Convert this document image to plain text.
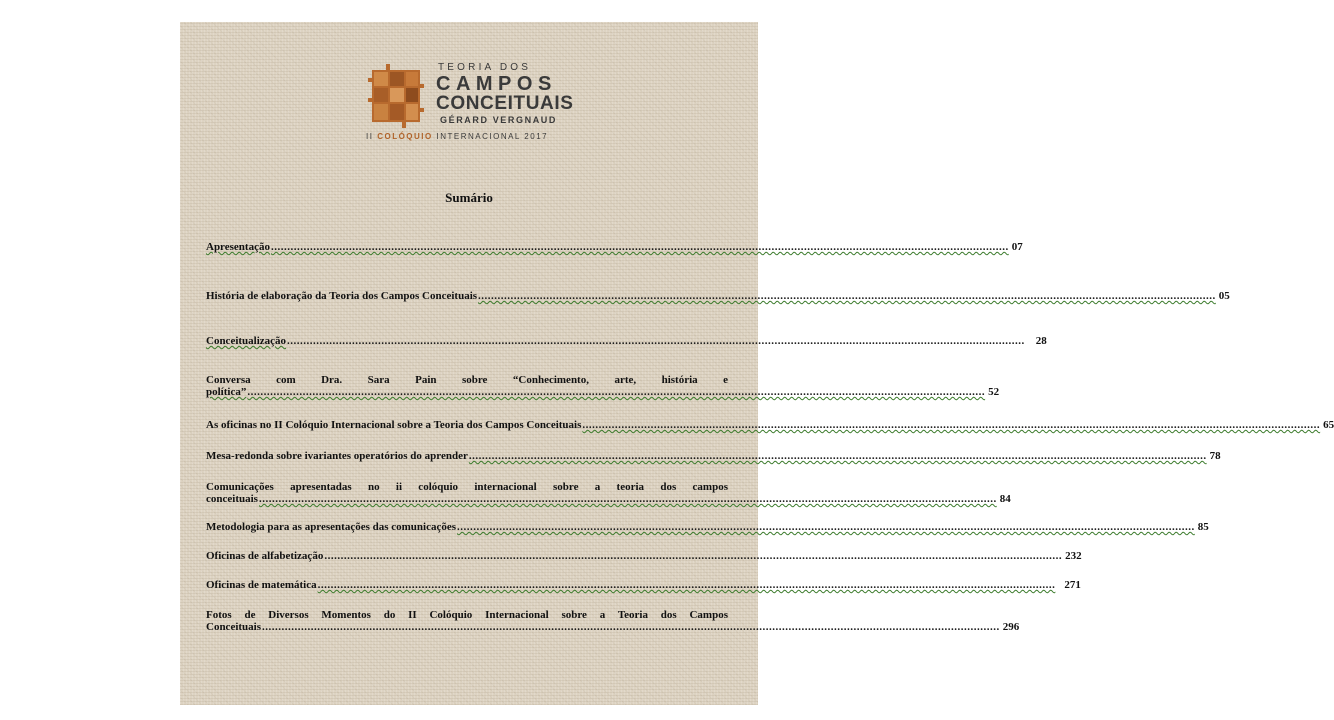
TEORIA DOS
CAMPOS
CONCEITUAIS
GÉRARD VERGNAUD
II COLÓQUIO INTERNACIONAL 2017
Sumário
Apresentação ................................................................................................................................................................................................................................... 07
História de elaboração da Teoria dos Campos Conceituais ................................................................................................................................................................................................................................... 05
Conceitualização ................................................................................................................................................................................................................................... 28
Conversa com Dra. Sara Pain sobre “Conhecimento, arte, história e
política” ................................................................................................................................................................................................................................... 52
As oficinas no II Colóquio Internacional sobre a Teoria dos Campos Conceituais ................................................................................................................................................................................................................................... 65
Mesa-redonda sobre ivariantes operatórios do aprender ................................................................................................................................................................................................................................... 78
Comunicações apresentadas no ii colóquio internacional sobre a teoria dos campos
conceituais ................................................................................................................................................................................................................................... 84
Metodologia para as apresentações das comunicações ................................................................................................................................................................................................................................... 85
Oficinas de alfabetização ................................................................................................................................................................................................................................... 232
Oficinas de matemática ................................................................................................................................................................................................................................... 271
Fotos de Diversos Momentos do II Colóquio Internacional sobre a Teoria dos Campos
Conceituais ................................................................................................................................................................................................................................... 296
